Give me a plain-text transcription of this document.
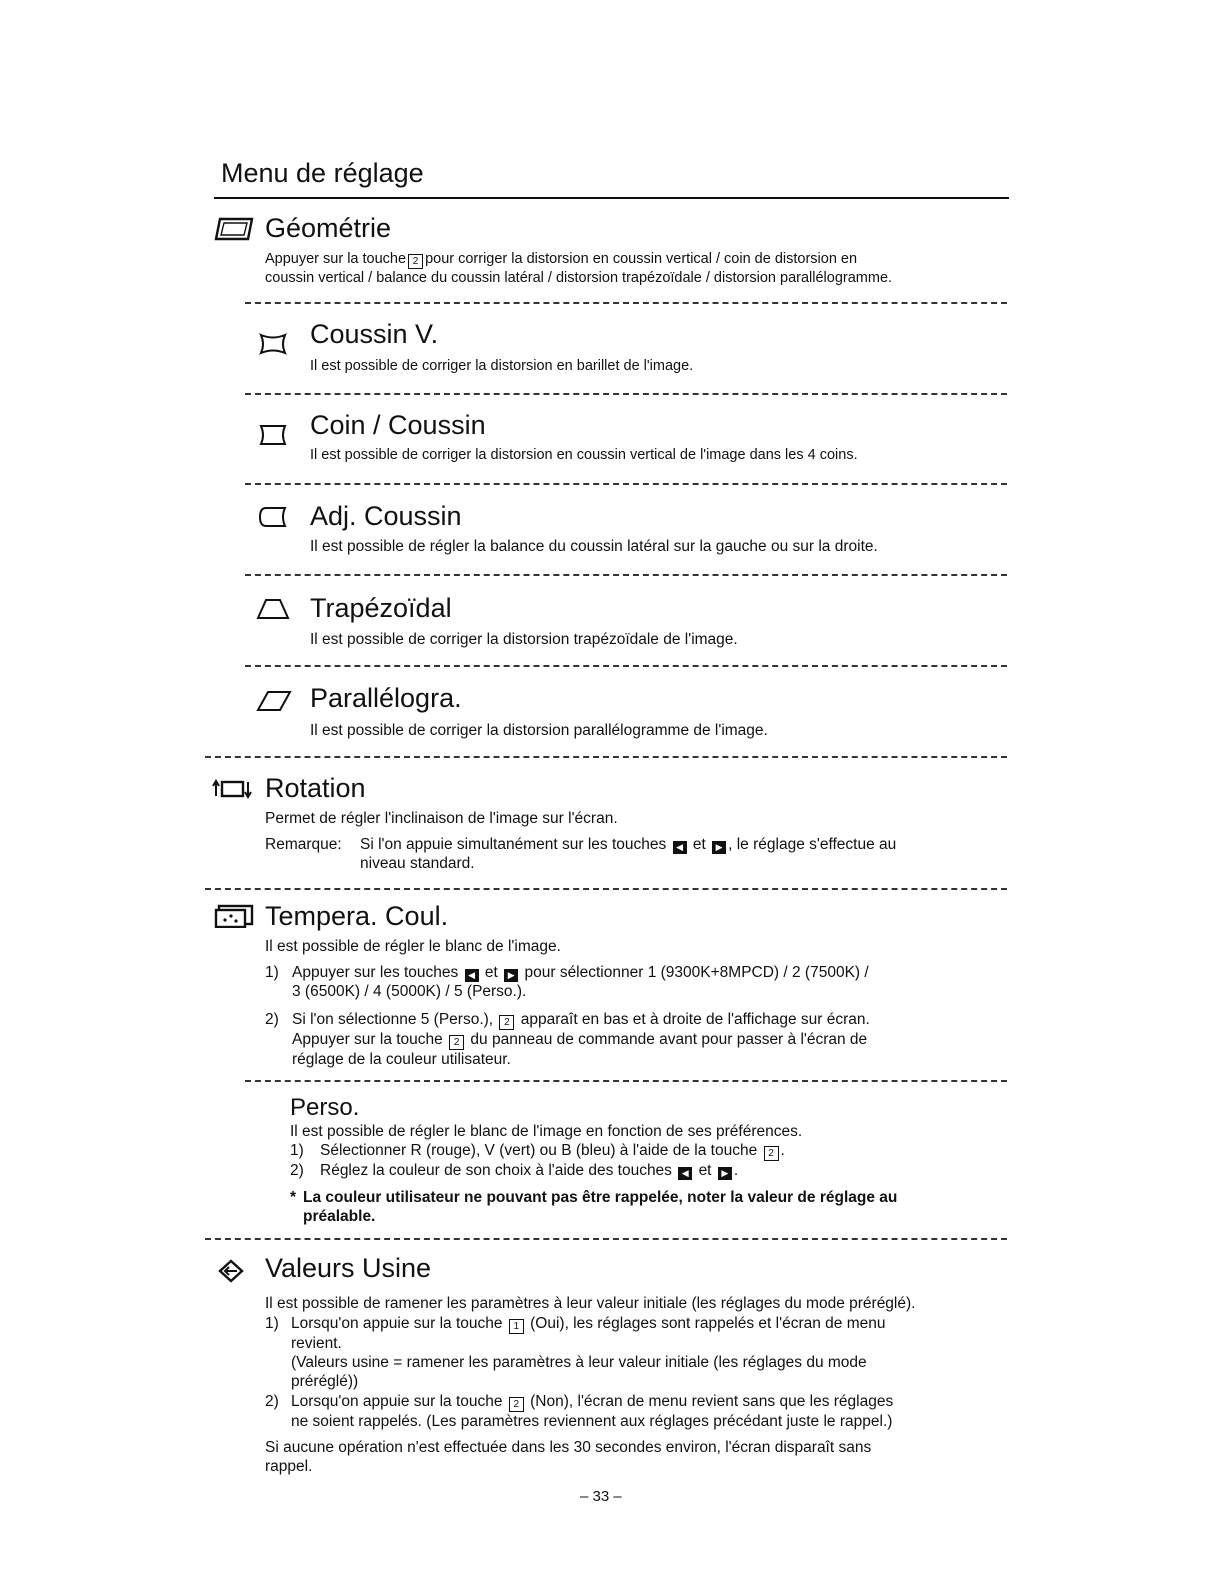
Menu de réglage
Géométrie
Appuyer sur la touche 2 pour corriger la distorsion en coussin vertical / coin de distorsion en
coussin vertical / balance du coussin latéral / distorsion trapézoïdale / distorsion parallélogramme.
Coussin V.
Il est possible de corriger la distorsion en barillet de l'image.
Coin / Coussin
Il est possible de corriger la distorsion en coussin vertical de l'image dans les 4 coins.
Adj. Coussin
Il est possible de régler la balance du coussin latéral sur la gauche ou sur la droite.
Trapézoïdal
Il est possible de corriger la distorsion trapézoïdale de l'image.
Parallélogra.
Il est possible de corriger la distorsion parallélogramme de l'image.
Rotation
Permet de régler l'inclinaison de l'image sur l'écran.
Remarque: Si l'on appuie simultanément sur les touches ◀ et ▶ , le réglage s'effectue au
niveau standard.
Tempera. Coul.
Il est possible de régler le blanc de l'image.
1) Appuyer sur les touches ◀ et ▶ pour sélectionner 1 (9300K+8MPCD) / 2 (7500K) /
3 (6500K) / 4 (5000K) / 5 (Perso.).
2) Si l'on sélectionne 5 (Perso.), 2 apparaît en bas et à droite de l'affichage sur écran.
Appuyer sur la touche 2 du panneau de commande avant pour passer à l'écran de
réglage de la couleur utilisateur.
Perso.
Il est possible de régler le blanc de l'image en fonction de ses préférences.
1) Sélectionner R (rouge), V (vert) ou B (bleu) à l'aide de la touche 2 .
2) Réglez la couleur de son choix à l'aide des touches ◀ et ▶ .
* La couleur utilisateur ne pouvant pas être rappelée, noter la valeur de réglage au
préalable.
Valeurs Usine
Il est possible de ramener les paramètres à leur valeur initiale (les réglages du mode préréglé).
1) Lorsqu'on appuie sur la touche 1 (Oui), les réglages sont rappelés et l'écran de menu
revient.
(Valeurs usine = ramener les paramètres à leur valeur initiale (les réglages du mode
préréglé))
2) Lorsqu'on appuie sur la touche 2 (Non), l'écran de menu revient sans que les réglages
ne soient rappelés. (Les paramètres reviennent aux réglages précédant juste le rappel.)
Si aucune opération n'est effectuée dans les 30 secondes environ, l'écran disparaît sans
rappel.
– 33 –
